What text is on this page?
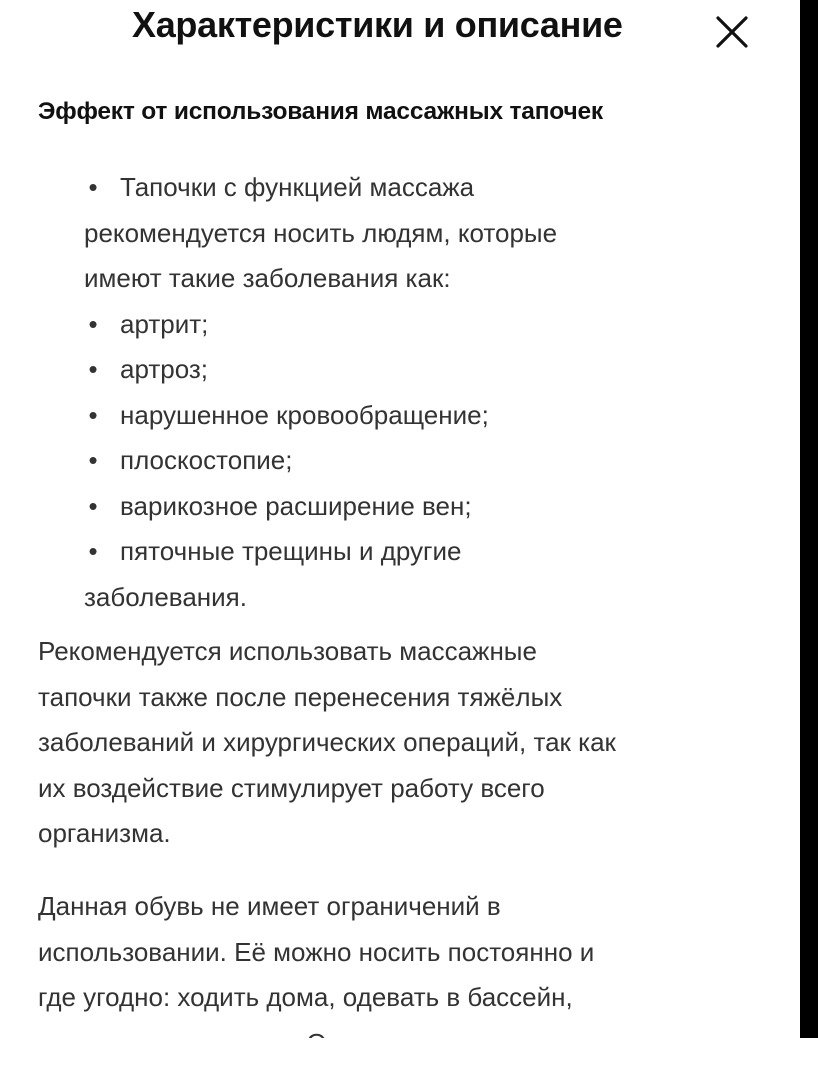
Характеристики и описание
Эффект от использования массажных тапочек
• Тапочки с функцией массажа
рекомендуется носить людям, которые
имеют такие заболевания как:
• артрит;
• артроз;
• нарушенное кровообращение;
• плоскостопие;
• варикозное расширение вен;
• пяточные трещины и другие
заболевания.

Рекомендуется использовать массажные
тапочки также после перенесения тяжёлых
заболеваний и хирургических операций, так как
их воздействие стимулирует работу всего
организма.

Данная обувь не имеет ограничений в
использовании. Её можно носить постоянно и
где угодно: ходить дома, одевать в бассейн,
